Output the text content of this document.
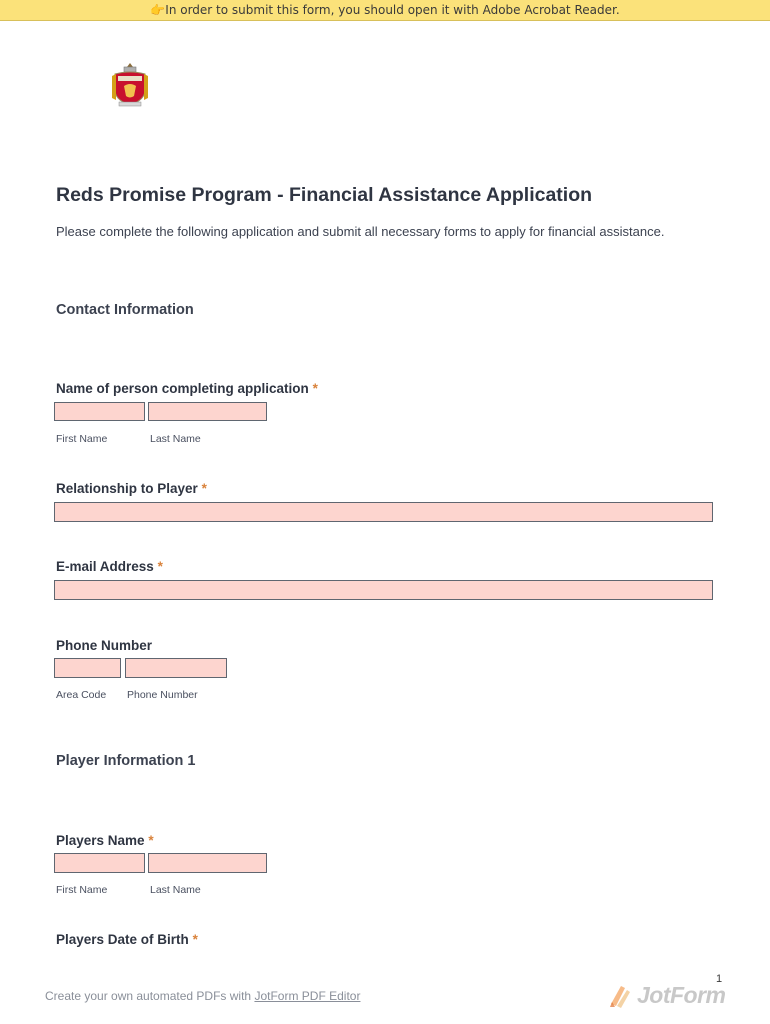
👉In order to submit this form, you should open it with Adobe Acrobat Reader.
Reds Promise Program - Financial Assistance Application
Please complete the following application and submit all necessary forms to apply for financial assistance.
Contact Information
Name of person completing application *
First Name	Last Name
Relationship to Player *
E-mail Address *
Phone Number
Area Code Phone Number
Player Information 1
Players Name *
First Name	Last Name
Players Date of Birth *
1
Create your own automated PDFs with JotForm PDF Editor	JotForm
